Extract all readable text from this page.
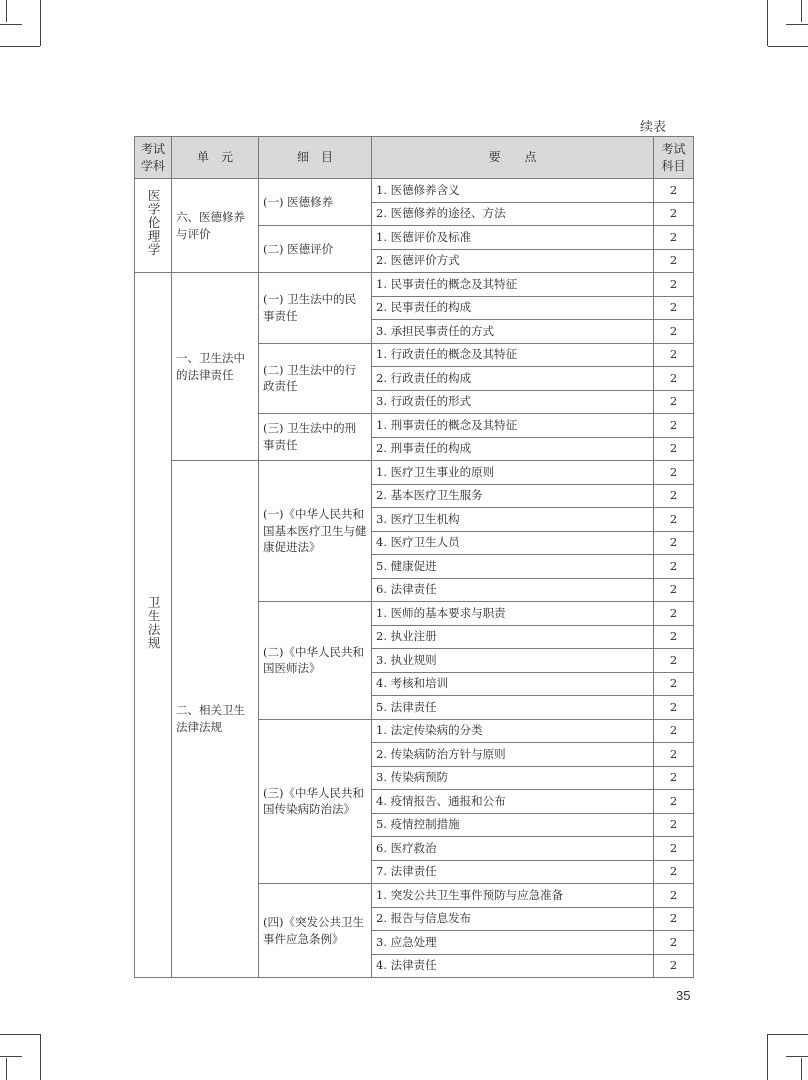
续表
考试学科	单　元	细　目	要　　点	考试科目
医学伦理学	六、医德修养与评价	(一) 医德修养	1. 医德修养含义	2
			2. 医德修养的途径、方法	2
		(二) 医德评价	1. 医德评价及标准	2
			2. 医德评价方式	2
卫生法规	一、卫生法中的法律责任	(一) 卫生法中的民事责任	1. 民事责任的概念及其特征	2
			2. 民事责任的构成	2
			3. 承担民事责任的方式	2
		(二) 卫生法中的行政责任	1. 行政责任的概念及其特征	2
			2. 行政责任的构成	2
			3. 行政责任的形式	2
		(三) 卫生法中的刑事责任	1. 刑事责任的概念及其特征	2
			2. 刑事责任的构成	2
	二、相关卫生法律法规	(一)《中华人民共和国基本医疗卫生与健康促进法》	1. 医疗卫生事业的原则	2
			2. 基本医疗卫生服务	2
			3. 医疗卫生机构	2
			4. 医疗卫生人员	2
			5. 健康促进	2
			6. 法律责任	2
		(二)《中华人民共和国医师法》	1. 医师的基本要求与职责	2
			2. 执业注册	2
			3. 执业规则	2
			4. 考核和培训	2
			5. 法律责任	2
		(三)《中华人民共和国传染病防治法》	1. 法定传染病的分类	2
			2. 传染病防治方针与原则	2
			3. 传染病预防	2
			4. 疫情报告、通报和公布	2
			5. 疫情控制措施	2
			6. 医疗救治	2
			7. 法律责任	2
		(四)《突发公共卫生事件应急条例》	1. 突发公共卫生事件预防与应急准备	2
			2. 报告与信息发布	2
			3. 应急处理	2
			4. 法律责任	2
35
